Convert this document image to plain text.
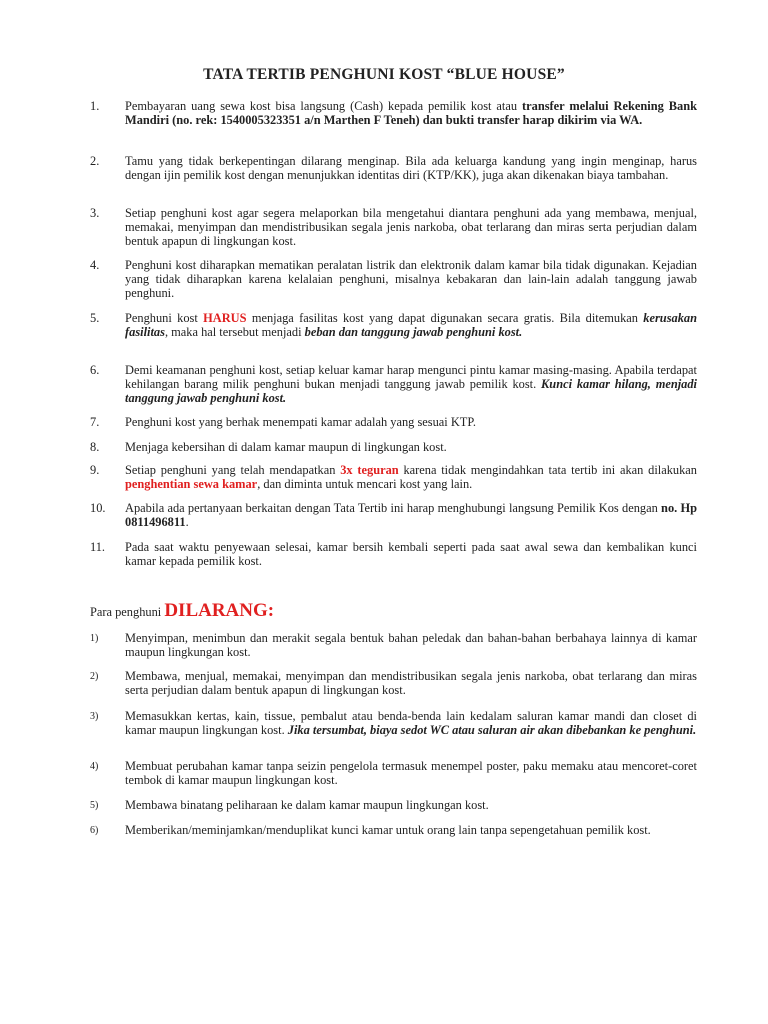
TATA TERTIB PENGHUNI KOST “BLUE HOUSE”
1. Pembayaran uang sewa kost bisa langsung (Cash) kepada pemilik kost atau transfer melalui Rekening Bank Mandiri (no. rek: 1540005323351 a/n Marthen F Teneh) dan bukti transfer harap dikirim via WA.
2. Tamu yang tidak berkepentingan dilarang menginap. Bila ada keluarga kandung yang ingin menginap, harus dengan ijin pemilik kost dengan menunjukkan identitas diri (KTP/KK), juga akan dikenakan biaya tambahan.
3. Setiap penghuni kost agar segera melaporkan bila mengetahui diantara penghuni ada yang membawa, menjual, memakai, menyimpan dan mendistribusikan segala jenis narkoba, obat terlarang dan miras serta perjudian dalam bentuk apapun di lingkungan kost.
4. Penghuni kost diharapkan mematikan peralatan listrik dan elektronik dalam kamar bila tidak digunakan. Kejadian yang tidak diharapkan karena kelalaian penghuni, misalnya kebakaran dan lain-lain adalah tanggung jawab penghuni.
5. Penghuni kost HARUS menjaga fasilitas kost yang dapat digunakan secara gratis. Bila ditemukan kerusakan fasilitas, maka hal tersebut menjadi beban dan tanggung jawab penghuni kost.
6. Demi keamanan penghuni kost, setiap keluar kamar harap mengunci pintu kamar masing-masing. Apabila terdapat kehilangan barang milik penghuni bukan menjadi tanggung jawab pemilik kost. Kunci kamar hilang, menjadi tanggung jawab penghuni kost.
7. Penghuni kost yang berhak menempati kamar adalah yang sesuai KTP.
8. Menjaga kebersihan di dalam kamar maupun di lingkungan kost.
9. Setiap penghuni yang telah mendapatkan 3x teguran karena tidak mengindahkan tata tertib ini akan dilakukan penghentian sewa kamar, dan diminta untuk mencari kost yang lain.
10. Apabila ada pertanyaan berkaitan dengan Tata Tertib ini harap menghubungi langsung Pemilik Kos dengan no. Hp 0811496811.
11. Pada saat waktu penyewaan selesai, kamar bersih kembali seperti pada saat awal sewa dan kembalikan kunci kamar kepada pemilik kost.
Para penghuni DILARANG:
1) Menyimpan, menimbun dan merakit segala bentuk bahan peledak dan bahan-bahan berbahaya lainnya di kamar maupun lingkungan kost.
2) Membawa, menjual, memakai, menyimpan dan mendistribusikan segala jenis narkoba, obat terlarang dan miras serta perjudian dalam bentuk apapun di lingkungan kost.
3) Memasukkan kertas, kain, tissue, pembalut atau benda-benda lain kedalam saluran kamar mandi dan closet di kamar maupun lingkungan kost. Jika tersumbat, biaya sedot WC atau saluran air akan dibebankan ke penghuni.
4) Membuat perubahan kamar tanpa seizin pengelola termasuk menempel poster, paku memaku atau mencoret-coret tembok di kamar maupun lingkungan kost.
5) Membawa binatang peliharaan ke dalam kamar maupun lingkungan kost.
6) Memberikan/meminjamkan/menduplikat kunci kamar untuk orang lain tanpa sepengetahuan pemilik kost.
